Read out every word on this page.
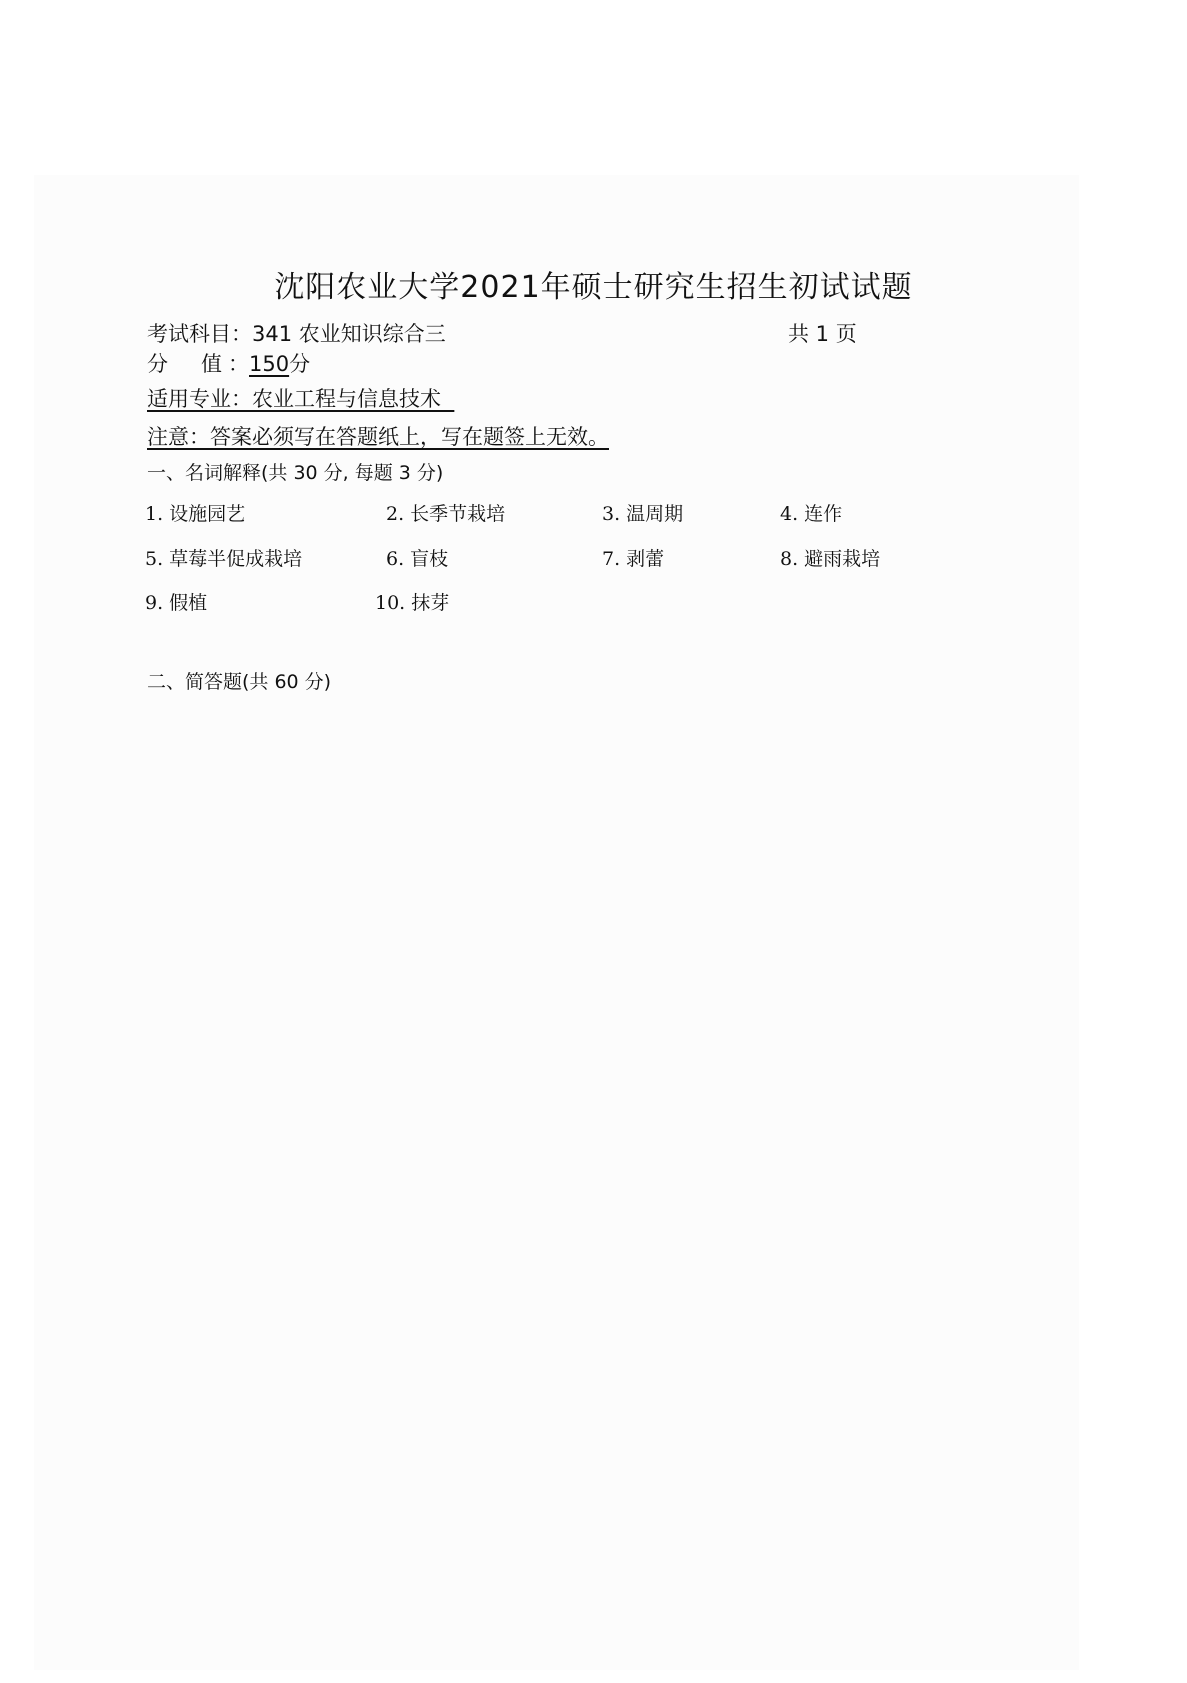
沈阳农业大学2021年硕士研究生招生初试试题
考试科目：341 农业知识综合三	共 1 页
分　值：150分
适用专业：农业工程与信息技术
注意：答案必须写在答题纸上，写在题签上无效。
一、名词解释(共 30 分, 每题 3 分)
1. 设施园艺	2. 长季节栽培	3. 温周期	4. 连作
5. 草莓半促成栽培	6. 盲枝	7. 剥蕾	8. 避雨栽培
9. 假植	10. 抹芽
二、简答题(共 60 分)
